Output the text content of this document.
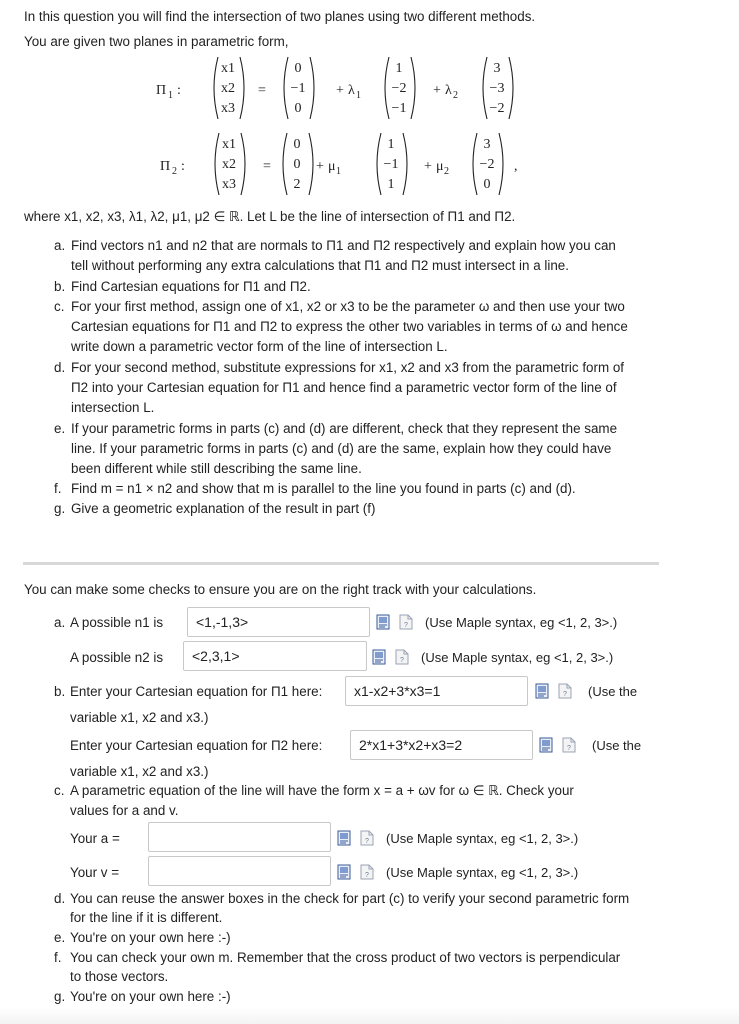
In this question you will find the intersection of two planes using two different methods.
You are given two planes in parametric form,
Π 1 :
x1
x2
x3
=
0
−1
0
+ λ 1
1
−2
−1
+ λ 2
3
−3
−2
Π 2 :
x1
x2
x3
=
0
0
2
+ μ 1
1
−1
1
+ μ 2
3
−2
0
,
where x1, x2, x3, λ1, λ2, μ1, μ2 ∈ ℝ. Let L be the line of intersection of Π1 and Π2.
a. Find vectors n1 and n2 that are normals to Π1 and Π2 respectively and explain how you can
tell without performing any extra calculations that Π1 and Π2 must intersect in a line.
b. Find Cartesian equations for Π1 and Π2.
c. For your first method, assign one of x1, x2 or x3 to be the parameter ω and then use your two
Cartesian equations for Π1 and Π2 to express the other two variables in terms of ω and hence
write down a parametric vector form of the line of intersection L.
d. For your second method, substitute expressions for x1, x2 and x3 from the parametric form of
Π2 into your Cartesian equation for Π1 and hence find a parametric vector form of the line of
intersection L.
e. If your parametric forms in parts (c) and (d) are different, check that they represent the same
line. If your parametric forms in parts (c) and (d) are the same, explain how they could have
been different while still describing the same line.
f. Find m = n1 × n2 and show that m is parallel to the line you found in parts (c) and (d).
g. Give a geometric explanation of the result in part (f)
You can make some checks to ensure you are on the right track with your calculations.
a. A possible n1 is	<1,-1,3>	? (Use Maple syntax, eg <1, 2, 3>.)
A possible n2 is	<2,3,1>	? (Use Maple syntax, eg <1, 2, 3>.)
b. Enter your Cartesian equation for Π1 here:	x1-x2+3*x3=1	? (Use the
variable x1, x2 and x3.)
Enter your Cartesian equation for Π2 here:	2*x1+3*x2+x3=2	? (Use the
variable x1, x2 and x3.)
c. A parametric equation of the line will have the form x = a + ωv for ω ∈ ℝ. Check your
values for a and v.
Your a =	? (Use Maple syntax, eg <1, 2, 3>.)
Your v =	? (Use Maple syntax, eg <1, 2, 3>.)
d. You can reuse the answer boxes in the check for part (c) to verify your second parametric form
for the line if it is different.
e. You're on your own here :-)
f. You can check your own m. Remember that the cross product of two vectors is perpendicular
to those vectors.
g. You're on your own here :-)
